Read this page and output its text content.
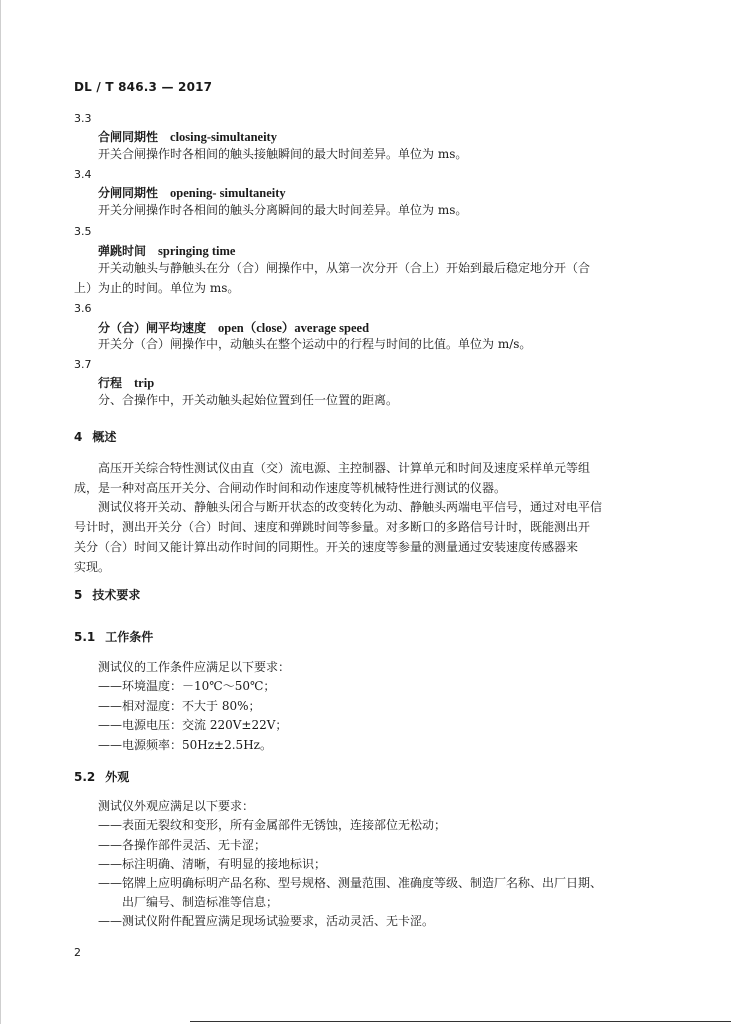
DL / T 846.3 — 2017
3.3
合闸同期性 closing-simultaneity
开关合闸操作时各相间的触头接触瞬间的最大时间差异。单位为 ms。
3.4
分闸同期性 opening- simultaneity
开关分闸操作时各相间的触头分离瞬间的最大时间差异。单位为 ms。
3.5
弹跳时间 springing time
开关动触头与静触头在分（合）闸操作中，从第一次分开（合上）开始到最后稳定地分开（合
上）为止的时间。单位为 ms。
3.6
分（合）闸平均速度 open（close）average speed
开关分（合）闸操作中，动触头在整个运动中的行程与时间的比值。单位为 m/s。
3.7
行程 trip
分、合操作中，开关动触头起始位置到任一位置的距离。
4 概述
高压开关综合特性测试仪由直（交）流电源、主控制器、计算单元和时间及速度采样单元等组
成，是一种对高压开关分、合闸动作时间和动作速度等机械特性进行测试的仪器。
测试仪将开关动、静触头闭合与断开状态的改变转化为动、静触头两端电平信号，通过对电平信
号计时，测出开关分（合）时间、速度和弹跳时间等参量。对多断口的多路信号计时，既能测出开
关分（合）时间又能计算出动作时间的同期性。开关的速度等参量的测量通过安装速度传感器来
实现。
5 技术要求
5.1 工作条件
测试仪的工作条件应满足以下要求：
——环境温度：－10℃～50℃；
——相对湿度：不大于 80%；
——电源电压：交流 220V±22V；
——电源频率：50Hz±2.5Hz。
5.2 外观
测试仪外观应满足以下要求：
——表面无裂纹和变形，所有金属部件无锈蚀，连接部位无松动；
——各操作部件灵活、无卡涩；
——标注明确、清晰，有明显的接地标识；
——铭牌上应明确标明产品名称、型号规格、测量范围、准确度等级、制造厂名称、出厂日期、
出厂编号、制造标准等信息；
——测试仪附件配置应满足现场试验要求，活动灵活、无卡涩。
2
